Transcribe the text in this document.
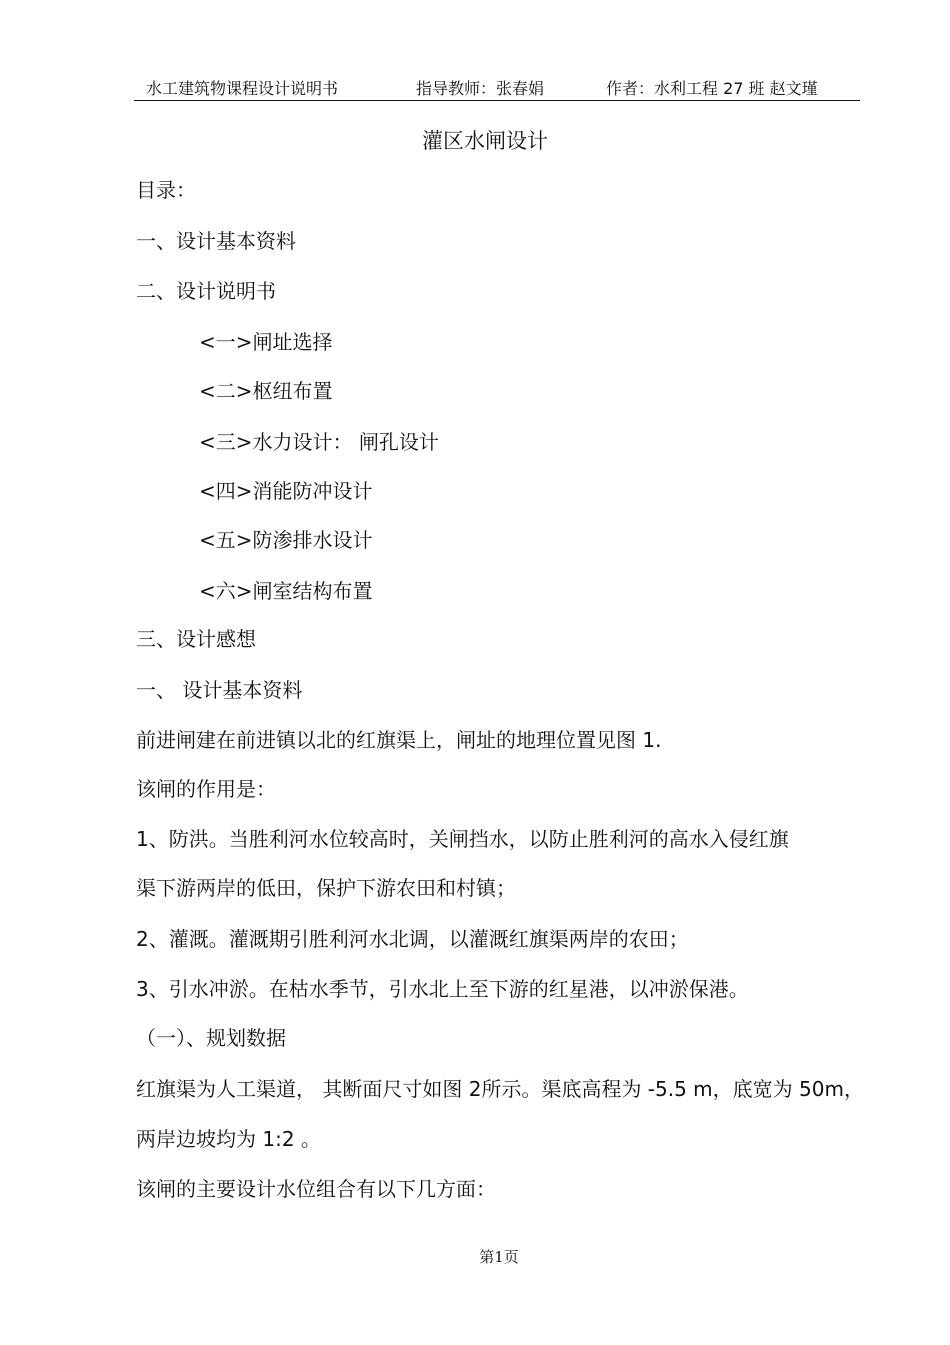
水工建筑物课程设计说明书	指导教师：张春娟	作者：水利工程 27 班 赵文瑾
灌区水闸设计
目录：
一、设计基本资料
二、设计说明书
<一>闸址选择
<二>枢纽布置
<三>水力设计： 闸孔设计
<四>消能防冲设计
<五>防渗排水设计
<六>闸室结构布置
三、设计感想
一、 设计基本资料
前进闸建在前进镇以北的红旗渠上，闸址的地理位置见图 1.
该闸的作用是：
1、防洪。当胜利河水位较高时，关闸挡水，以防止胜利河的高水入侵红旗
渠下游两岸的低田，保护下游农田和村镇；
2、灌溉。灌溉期引胜利河水北调，以灌溉红旗渠两岸的农田；
3、引水冲淤。在枯水季节，引水北上至下游的红星港，以冲淤保港。
（一）、规划数据
红旗渠为人工渠道， 其断面尺寸如图 2所示。渠底高程为 -5.5 m，底宽为 50m，
两岸边坡均为 1:2 。
该闸的主要设计水位组合有以下几方面：
第1页
